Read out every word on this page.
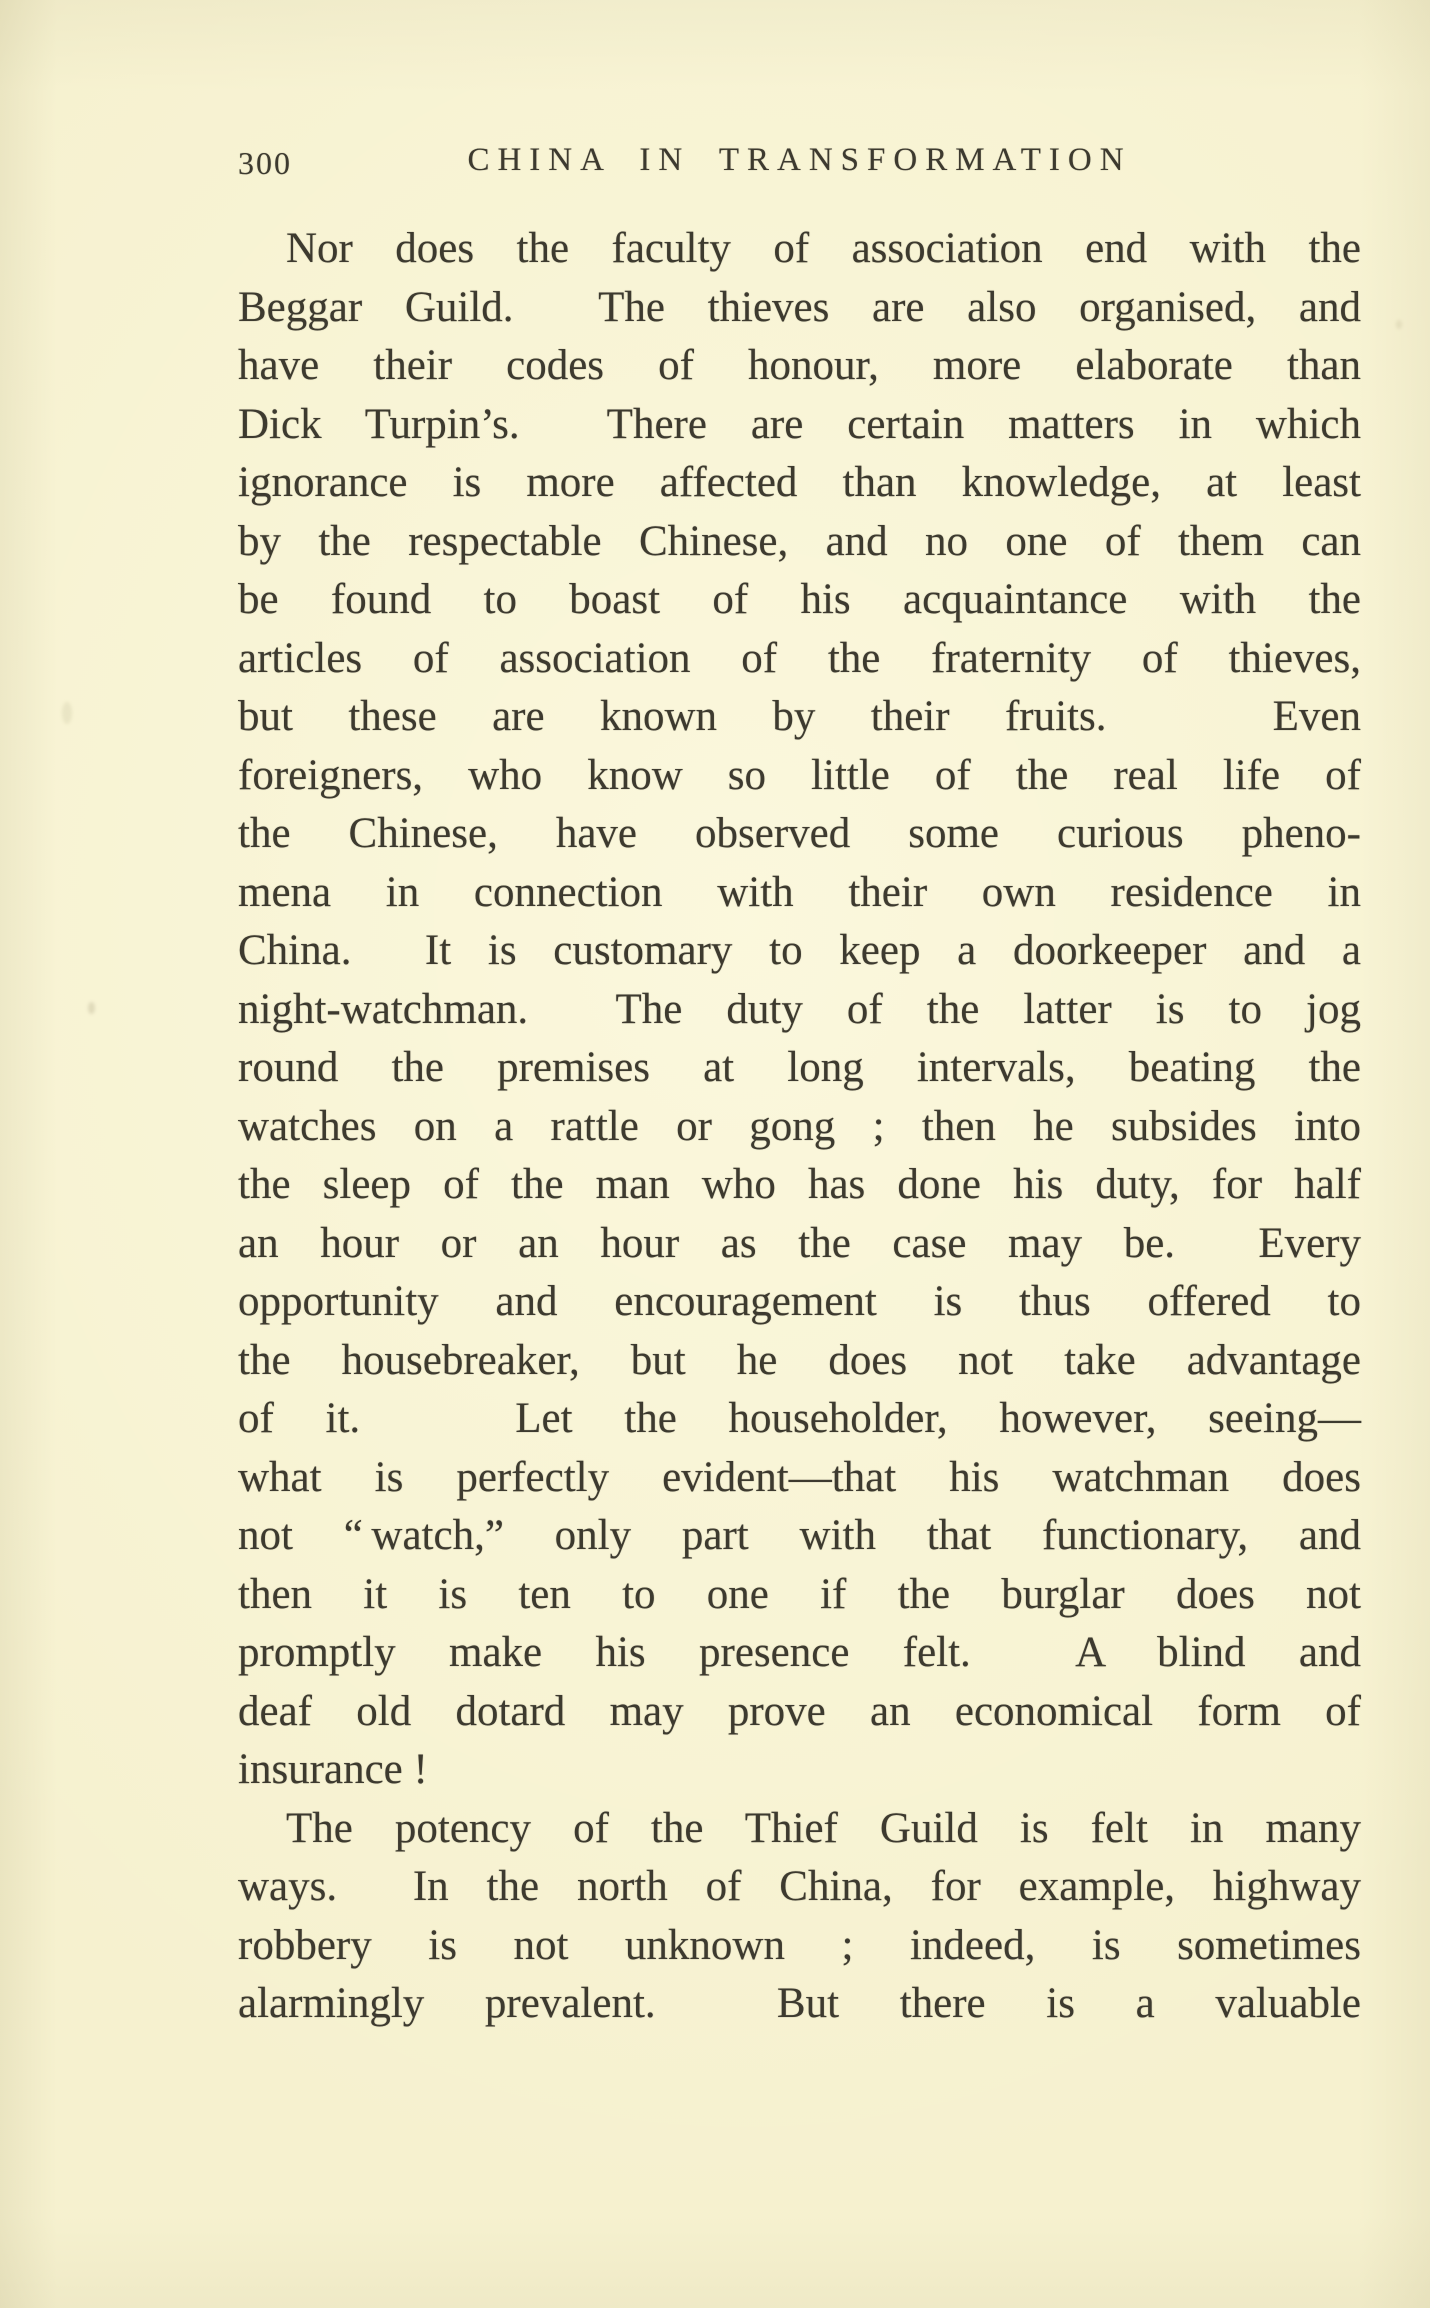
300	CHINA IN TRANSFORMATION
Nor does the faculty of association end with the
Beggar Guild.  The thieves are also organised, and
have their codes of honour, more elaborate than
Dick Turpin’s.  There are certain matters in which
ignorance is more affected than knowledge, at least
by the respectable Chinese, and no one of them can
be found to boast of his acquaintance with the
articles of association of the fraternity of thieves,
but these are known by their fruits.   Even
foreigners, who know so little of the real life of
the Chinese, have observed some curious pheno-
mena in connection with their own residence in
China.  It is customary to keep a doorkeeper and a
night-watchman.  The duty of the latter is to jog
round the premises at long intervals, beating the
watches on a rattle or gong ; then he subsides into
the sleep of the man who has done his duty, for half
an hour or an hour as the case may be.  Every
opportunity and encouragement is thus offered to
the housebreaker, but he does not take advantage
of it.   Let the householder, however, seeing—
what is perfectly evident—that his watchman does
not “ watch,” only part with that functionary, and
then it is ten to one if the burglar does not
promptly make his presence felt.  A blind and
deaf old dotard may prove an economical form of
insurance !
The potency of the Thief Guild is felt in many
ways.  In the north of China, for example, highway
robbery is not unknown ; indeed, is sometimes
alarmingly prevalent.  But there is a valuable
